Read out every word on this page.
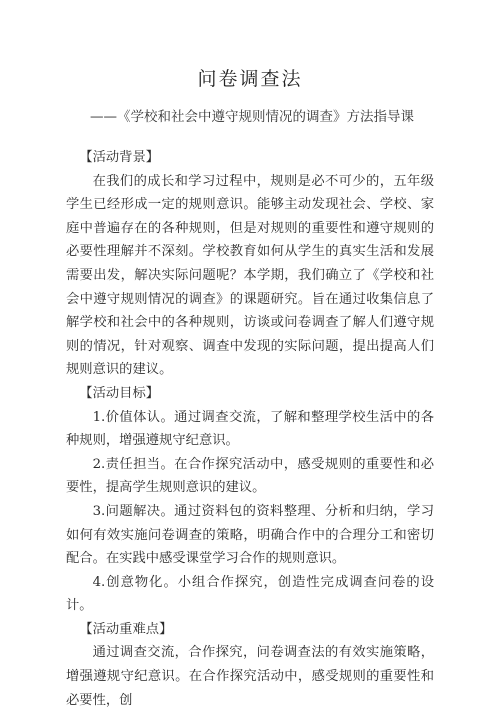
问卷调查法
——《学校和社会中遵守规则情况的调查》方法指导课

【活动背景】

在我们的成长和学习过程中，规则是必不可少的，五年级学生已经形成一定的规则意识。能够主动发现社会、学校、家庭中普遍存在的各种规则，但是对规则的重要性和遵守规则的必要性理解并不深刻。学校教育如何从学生的真实生活和发展需要出发，解决实际问题呢？本学期，我们确立了《学校和社会中遵守规则情况的调查》的课题研究。旨在通过收集信息了解学校和社会中的各种规则，访谈或问卷调查了解人们遵守规则的情况，针对观察、调查中发现的实际问题，提出提高人们规则意识的建议。

【活动目标】

1.价值体认。通过调查交流，了解和整理学校生活中的各种规则，增强遵规守纪意识。

2.责任担当。在合作探究活动中，感受规则的重要性和必要性，提高学生规则意识的建议。

3.问题解决。通过资料包的资料整理、分析和归纳，学习如何有效实施问卷调查的策略，明确合作中的合理分工和密切配合。在实践中感受课堂学习合作的规则意识。

4.创意物化。小组合作探究，创造性完成调查问卷的设计。

【活动重难点】

通过调查交流，合作探究，问卷调查法的有效实施策略，增强遵规守纪意识。在合作探究活动中，感受规则的重要性和必要性，创
